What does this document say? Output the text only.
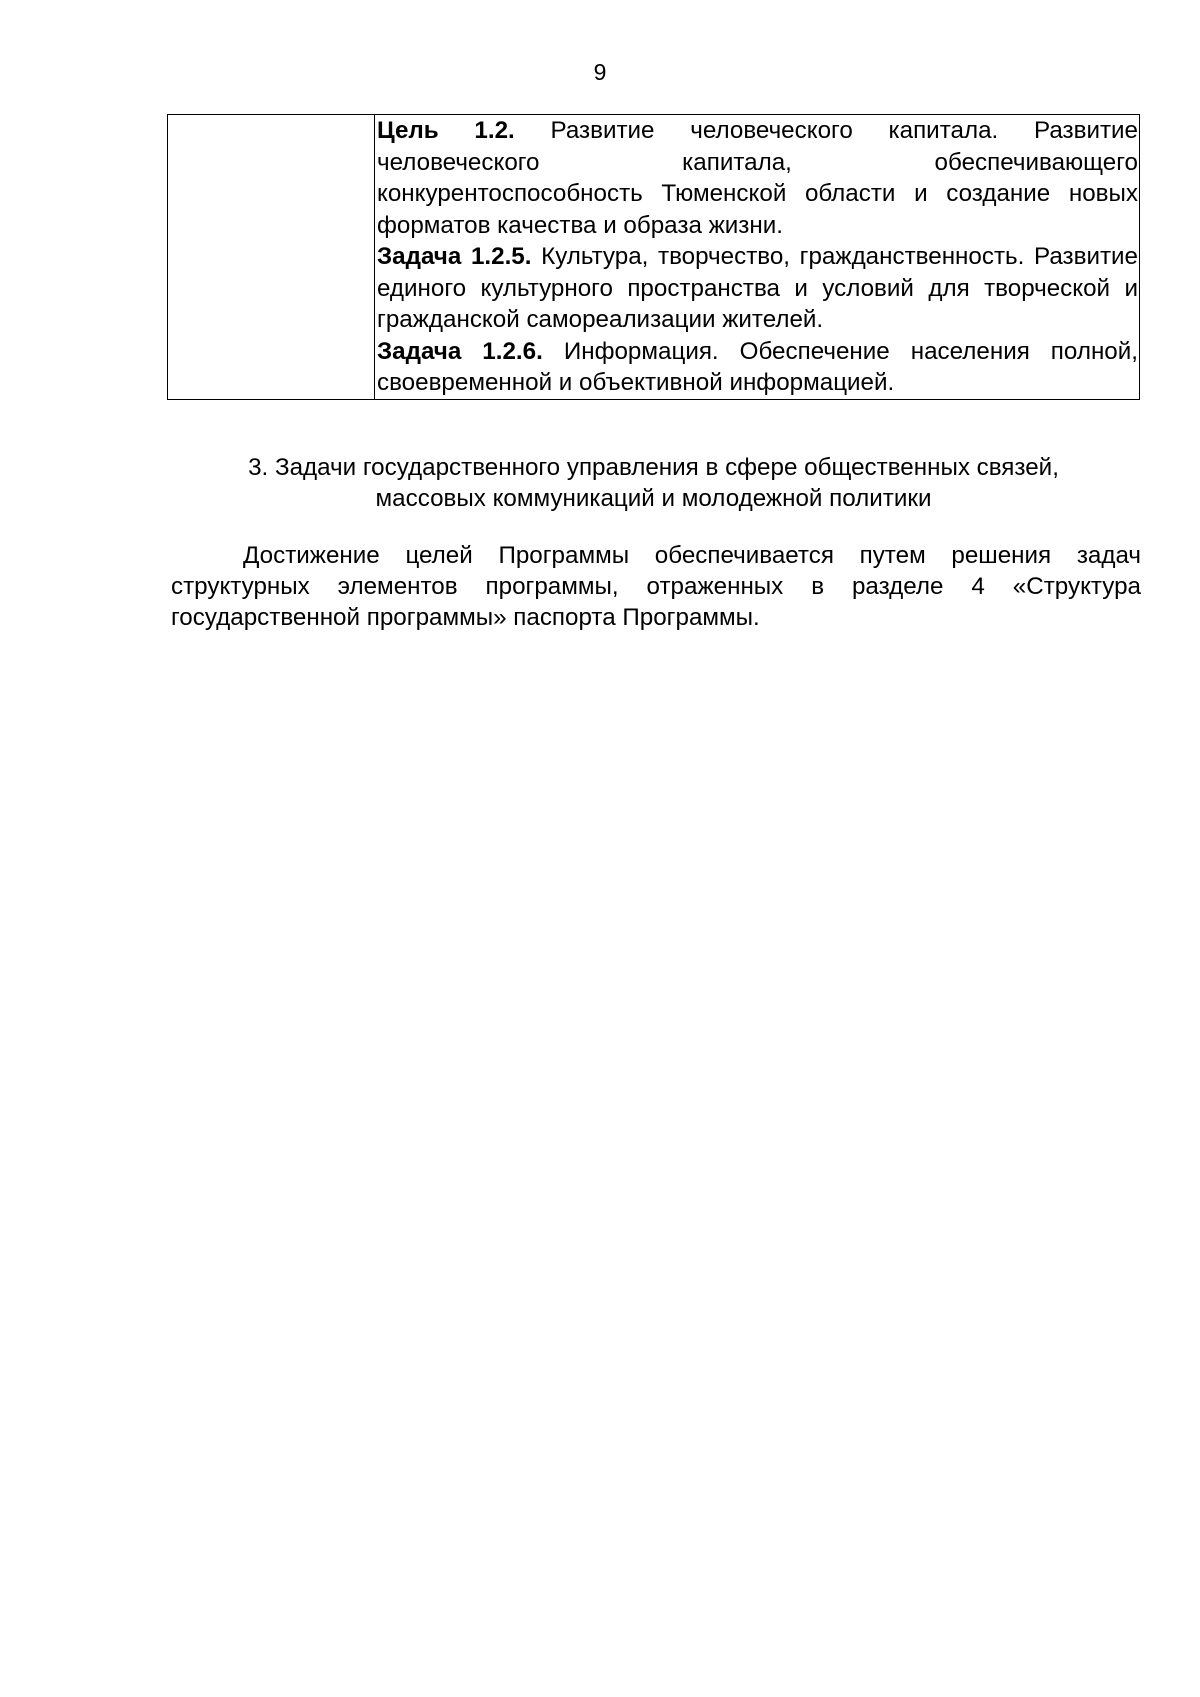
9

Цель 1.2. Развитие человеческого капитала. Развитие человеческого капитала, обеспечивающего конкурентоспособность Тюменской области и создание новых форматов качества и образа жизни.

Задача 1.2.5. Культура, творчество, гражданственность. Развитие единого культурного пространства и условий для творческой и гражданской самореализации жителей.

Задача 1.2.6. Информация. Обеспечение населения полной, своевременной и объективной информацией.

3. Задачи государственного управления в сфере общественных связей,
массовых коммуникаций и молодежной политики

Достижение целей Программы обеспечивается путем решения задач структурных элементов программы, отраженных в разделе 4 «Структура государственной программы» паспорта Программы.
